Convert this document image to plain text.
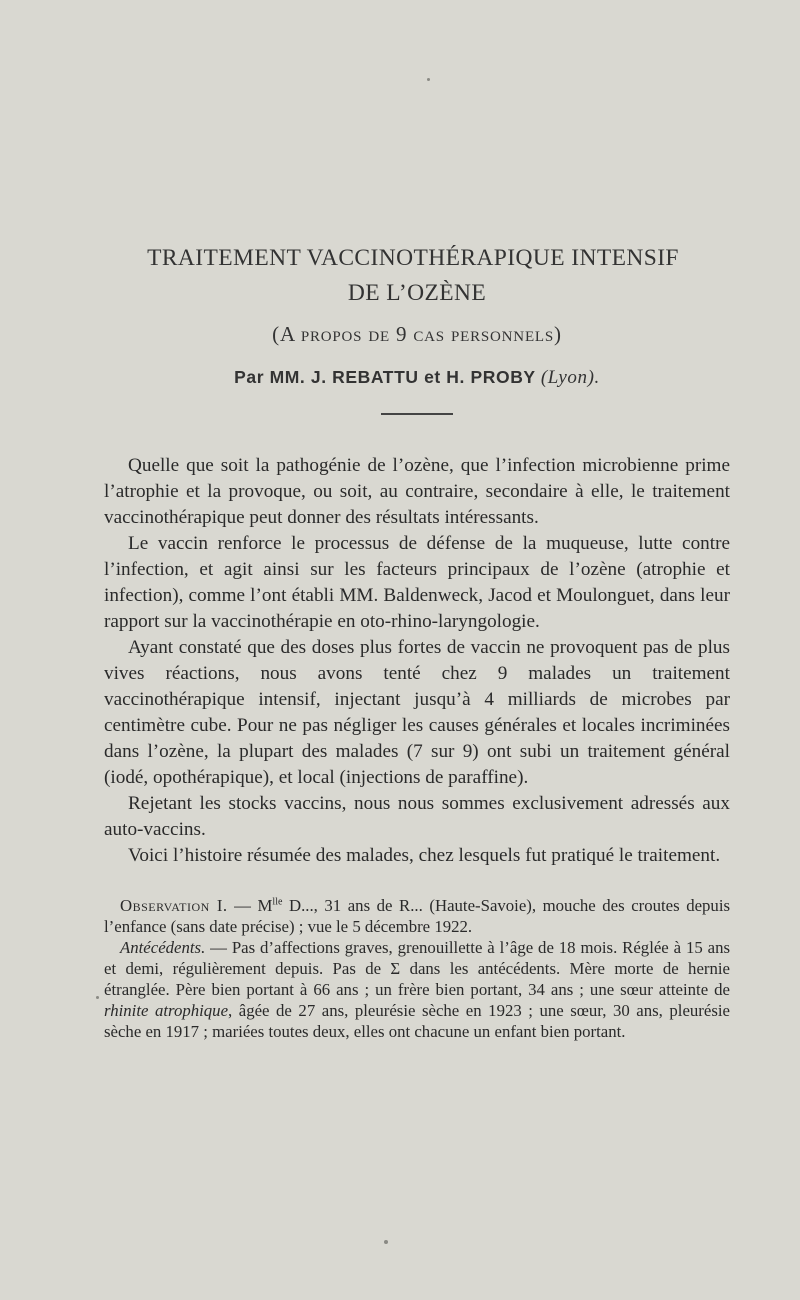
TRAITEMENT VACCINOTHÉRAPIQUE INTENSIF
DE L’OZÈNE
(A propos de 9 cas personnels)
Par MM. J. REBATTU et H. PROBY (Lyon).

Quelle que soit la pathogénie de l’ozène, que l’infection microbienne prime l’atrophie et la provoque, ou soit, au contraire, secondaire à elle, le traitement vaccinothérapique peut donner des résultats intéressants.

Le vaccin renforce le processus de défense de la muqueuse, lutte contre l’infection, et agit ainsi sur les facteurs principaux de l’ozène (atrophie et infection), comme l’ont établi MM. Baldenweck, Jacod et Moulonguet, dans leur rapport sur la vaccinothérapie en oto-rhino-laryngologie.

Ayant constaté que des doses plus fortes de vaccin ne provoquent pas de plus vives réactions, nous avons tenté chez 9 malades un traitement vaccinothérapique intensif, injectant jusqu’à 4 milliards de microbes par centimètre cube. Pour ne pas négliger les causes générales et locales incriminées dans l’ozène, la plupart des malades (7 sur 9) ont subi un traitement général (iodé, opothérapique), et local (injections de paraffine).

Rejetant les stocks vaccins, nous nous sommes exclusivement adressés aux auto-vaccins.

Voici l’histoire résumée des malades, chez lesquels fut pratiqué le traitement.

Observation I. — $M^{lle}$ D..., 31 ans de R... (Haute-Savoie), mouche des croutes depuis l’enfance (sans date précise) ; vue le 5 décembre 1922.

Antécédents. — Pas d’affections graves, grenouillette à l’âge de 18 mois. Réglée à 15 ans et demi, régulièrement depuis. Pas de Σ dans les antécédents. Mère morte de hernie étranglée. Père bien portant à 66 ans ; un frère bien portant, 34 ans ; une sœur atteinte de rhinite atrophique, âgée de 27 ans, pleurésie sèche en 1923 ; une sœur, 30 ans, pleurésie sèche en 1917 ; mariées toutes deux, elles ont chacune un enfant bien portant.
